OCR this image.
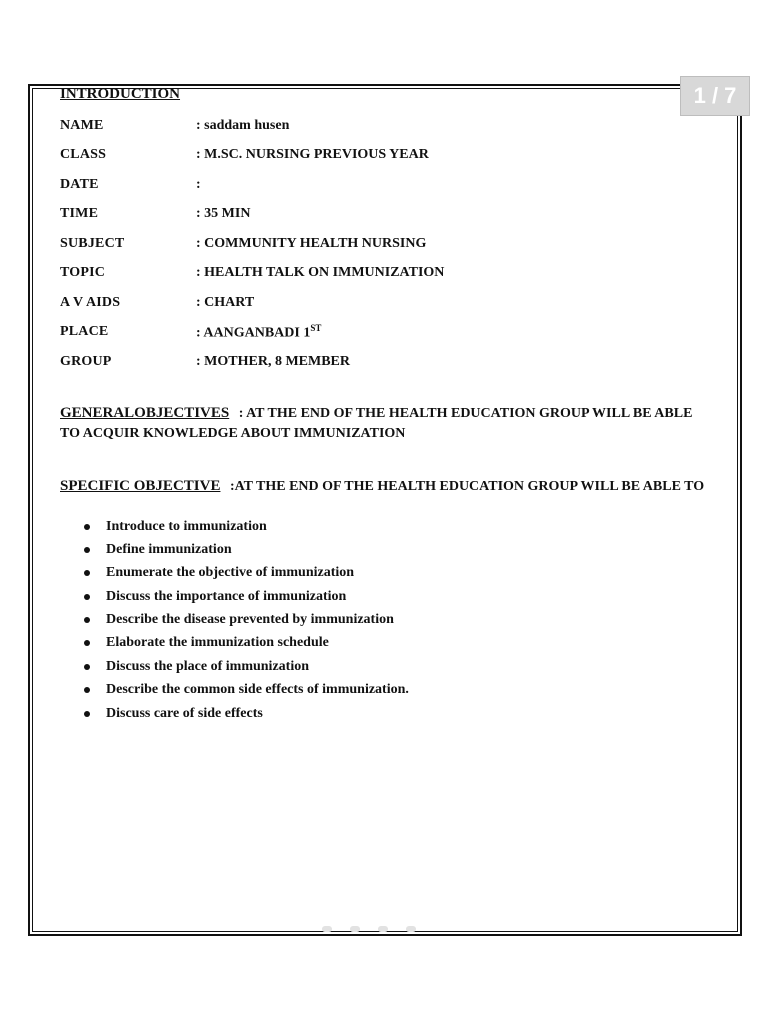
1 / 7
INTRODUCTION
NAME	: saddam husen
CLASS	: M.SC. NURSING PREVIOUS YEAR
DATE	:
TIME	: 35 MIN
SUBJECT	: COMMUNITY HEALTH NURSING
TOPIC	: HEALTH TALK ON IMMUNIZATION
A V AIDS	: CHART
PLACE	: AANGANBADI 1ST
GROUP	: MOTHER, 8 MEMBER
GENERALOBJECTIVES : AT THE END OF THE HEALTH EDUCATION GROUP WILL BE ABLE TO ACQUIR KNOWLEDGE ABOUT IMMUNIZATION
SPECIFIC OBJECTIVE :AT THE END OF THE HEALTH EDUCATION GROUP WILL BE ABLE TO
Introduce to immunization
Define immunization
Enumerate the objective of immunization
Discuss the importance of immunization
Describe the disease prevented by immunization
Elaborate the immunization schedule
Discuss the place of immunization
Describe the common side effects of immunization.
Discuss care of side effects
